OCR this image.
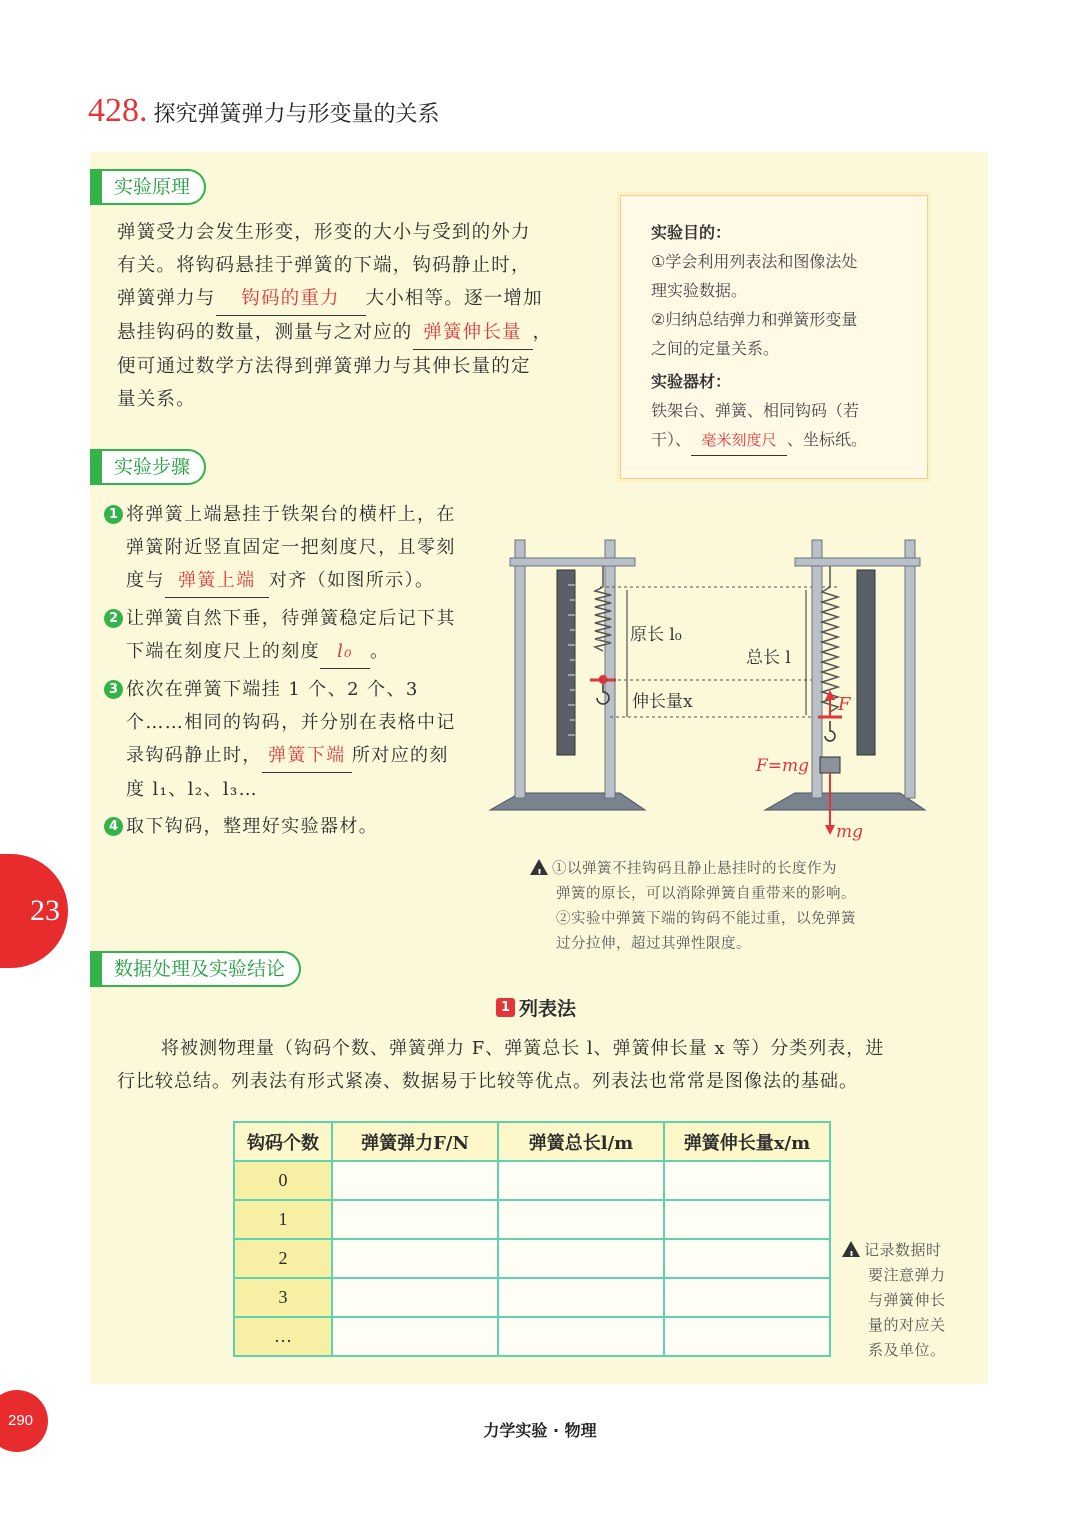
428 . 探究弹簧弹力与形变量的关系
实验原理
弹簧受力会发生形变，形变的大小与受到的外力
有关。将钩码悬挂于弹簧的下端，钩码静止时，
弹簧弹力与 钩码的重力 大小相等。逐一增加
悬挂钩码的数量，测量与之对应的 弹簧伸长量 ，
便可通过数学方法得到弹簧弹力与其伸长量的定
量关系。
实验目的：
①学会利用列表法和图像法处
理实验数据。
②归纳总结弹力和弹簧形变量
之间的定量关系。
实验器材：
铁架台、弹簧、相同钩码（若
干）、 毫米刻度尺 、坐标纸。
实验步骤
1 将弹簧上端悬挂于铁架台的横杆上，在弹簧附近竖直固定一把刻度尺，且零刻度与 弹簧上端 对齐（如图所示）。
2 让弹簧自然下垂，待弹簧稳定后记下其下端在刻度尺上的刻度 l₀ 。
3 依次在弹簧下端挂 1 个、2 个、3 个……相同的钩码，并分别在表格中记录钩码静止时， 弹簧下端 所对应的刻度 l₁、l₂、l₃…
4 取下钩码，整理好实验器材。
原长 l₀
伸长量x	F
F=mg
mg
总长 l
!①以弹簧不挂钩码且静止悬挂时的长度作为
弹簧的原长，可以消除弹簧自重带来的影响。
②实验中弹簧下端的钩码不能过重，以免弹簧
过分拉伸，超过其弹性限度。
数据处理及实验结论
1 列表法
将被测物理量（钩码个数、弹簧弹力 F、弹簧总长 l、弹簧伸长量 x 等）分类列表，进
行比较总结。列表法有形式紧凑、数据易于比较等优点。列表法也常常是图像法的基础。
钩码个数	弹簧弹力F/N	弹簧总长l/m	弹簧伸长量x/m
0			
1			
2			
3			
…			
!记录数据时
要注意弹力
与弹簧伸长
量的对应关
系及单位。
23
290
力学实验 · 物理
